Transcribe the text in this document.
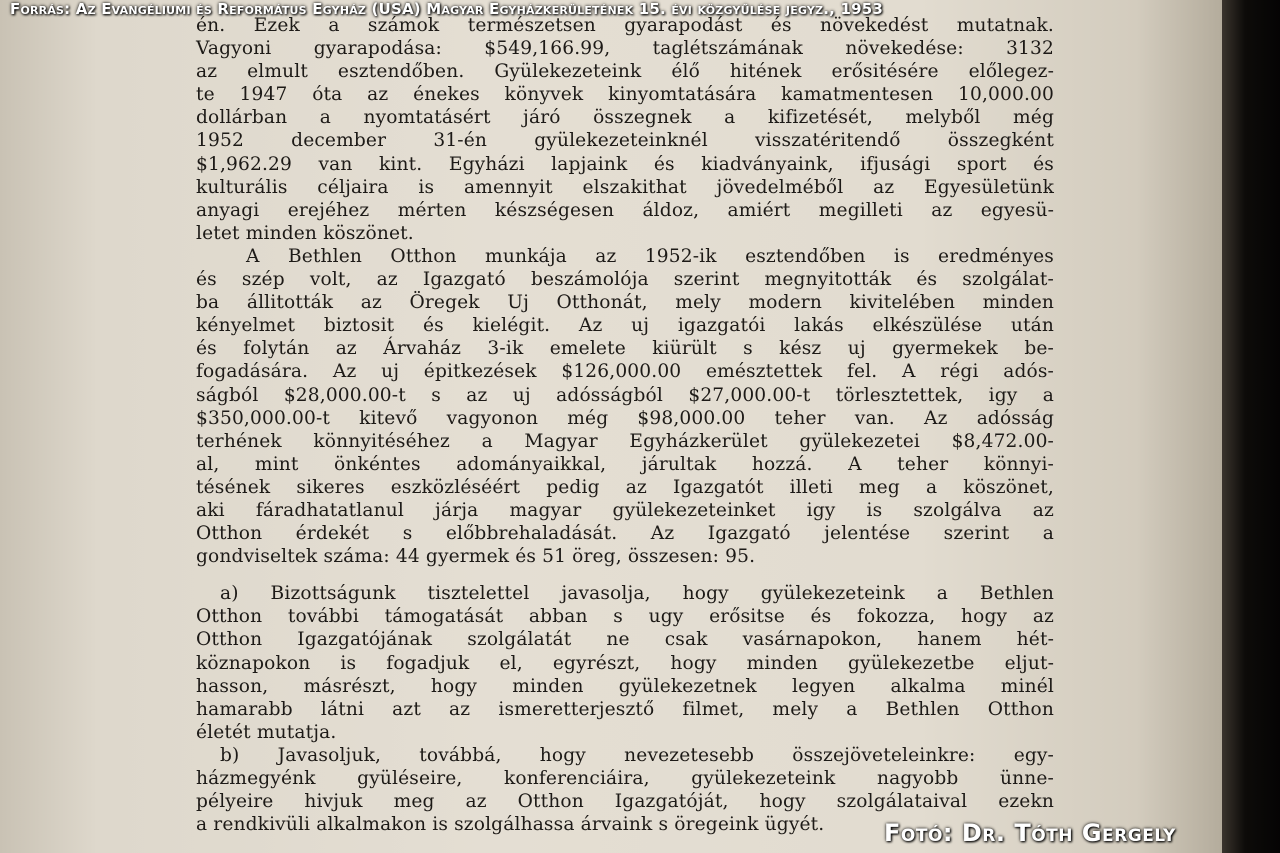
én. Ezek a számok természetsen gyarapodást és növekedést mutatnak.
Vagyoni gyarapodása: $549,166.99, taglétszámának növekedése: 3132
az elmult esztendőben. Gyülekezeteink élő hitének erősitésére előlegez-
te 1947 óta az énekes könyvek kinyomtatására kamatmentesen 10,000.00
dollárban a nyomtatásért járó összegnek a kifizetését, melyből még
1952 december 31-én gyülekezeteinknél visszatéritendő összegként
$1,962.29 van kint. Egyházi lapjaink és kiadványaink, ifjusági sport és
kulturális céljaira is amennyit elszakithat jövedelméből az Egyesületünk
anyagi erejéhez mérten készségesen áldoz, amiért megilleti az egyesü-
letet minden köszönet.
A Bethlen Otthon munkája az 1952-ik esztendőben is eredményes
és szép volt, az Igazgató beszámolója szerint megnyitották és szolgálat-
ba állitották az Öregek Uj Otthonát, mely modern kivitelében minden
kényelmet biztosit és kielégit. Az uj igazgatói lakás elkészülése után
és folytán az Árvaház 3-ik emelete kiürült s kész uj gyermekek be-
fogadására. Az uj épitkezések $126,000.00 emésztettek fel. A régi adós-
ságból $28,000.00-t s az uj adósságból $27,000.00-t törlesztettek, igy a
$350,000.00-t kitevő vagyonon még $98,000.00 teher van. Az adósság
terhének könnyitéséhez a Magyar Egyházkerület gyülekezetei $8,472.00-
al, mint önkéntes adományaikkal, járultak hozzá. A teher könnyi-
tésének sikeres eszközléséért pedig az Igazgatót illeti meg a köszönet,
aki fáradhatatlanul járja magyar gyülekezeteinket igy is szolgálva az
Otthon érdekét s előbbrehaladását. Az Igazgató jelentése szerint a
gondviseltek száma: 44 gyermek és 51 öreg, összesen: 95.
a) Bizottságunk tisztelettel javasolja, hogy gyülekezeteink a Bethlen
Otthon további támogatását abban s ugy erősitse és fokozza, hogy az
Otthon Igazgatójának szolgálatát ne csak vasárnapokon, hanem hét-
köznapokon is fogadjuk el, egyrészt, hogy minden gyülekezetbe eljut-
hasson, másrészt, hogy minden gyülekezetnek legyen alkalma minél
hamarabb látni azt az ismeretterjesztő filmet, mely a Bethlen Otthon
életét mutatja.
b) Javasoljuk, továbbá, hogy nevezetesebb összejöveteleinkre: egy-
házmegyénk gyüléseire, konferenciáira, gyülekezeteink nagyobb ünne-
pélyeire hivjuk meg az Otthon Igazgatóját, hogy szolgálataival ezekn
a rendkivüli alkalmakon is szolgálhassa árvaink s öregeink ügyét.
Forrás: Az Evangéliumi és Református Egyház (USA) Magyar Egyházkerületének 15. évi közgyűlése jegyz., 1953
Fotó: Dr. Tóth Gergely
